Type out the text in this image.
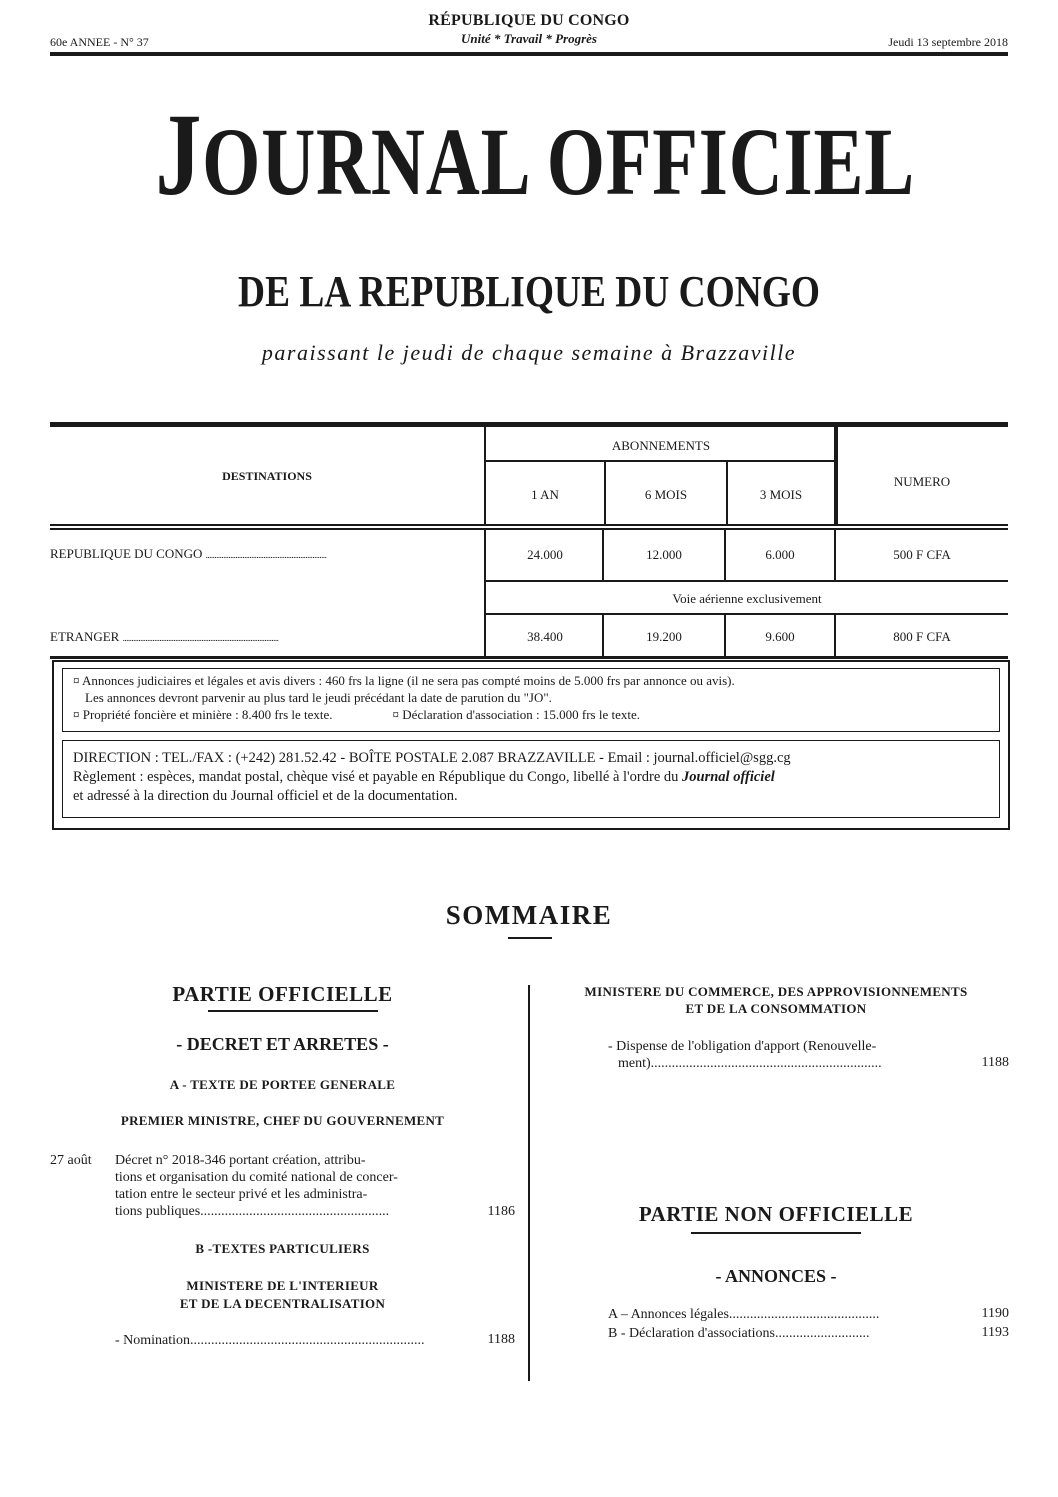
60e ANNEE - N° 37
RÉPUBLIQUE DU CONGO
Unité * Travail * Progrès	Jeudi 13 septembre 2018
JOURNAL OFFICIEL
DE LA REPUBLIQUE DU CONGO
paraissant le jeudi de chaque semaine à Brazzaville
DESTINATIONS
ABONNEMENTS
1 AN	6 MOIS	3 MOIS
NUMERO
REPUBLIQUE DU CONGO .....................................................................	24.000	12.000	6.000	500 F CFA
Voie aérienne exclusivement
ETRANGER .........................................................................................	38.400	19.200	9.600	800 F CFA
¤ Annonces judiciaires et légales et avis divers : 460 frs la ligne (il ne sera pas compté moins de 5.000 frs par annonce ou avis).
Les annonces devront parvenir au plus tard le jeudi précédant la date de parution du "JO".
¤ Propriété foncière et minière : 8.400 frs le texte.	¤ Déclaration d'association : 15.000 frs le texte.
DIRECTION : TEL./FAX : (+242) 281.52.42 - BOÎTE POSTALE 2.087 BRAZZAVILLE - Email : journal.officiel@sgg.cg
Règlement : espèces, mandat postal, chèque visé et payable en République du Congo, libellé à l'ordre du Journal officiel
et adressé à la direction du Journal officiel et de la documentation.
SOMMAIRE
PARTIE OFFICIELLE
- DECRET ET ARRETES -
A - TEXTE DE PORTEE GENERALE
PREMIER MINISTRE, CHEF DU GOUVERNEMENT
27 août Décret n° 2018-346 portant création, attribu-
tions et organisation du comité national de concer-
tation entre le secteur privé et les administra-
tions publiques......................................................	1186
B -TEXTES PARTICULIERS
MINISTERE DE L'INTERIEUR
ET DE LA DECENTRALISATION
- Nomination...................................................................	1188
MINISTERE DU COMMERCE, DES APPROVISIONNEMENTS
ET DE LA CONSOMMATION
- Dispense de l'obligation d'apport (Renouvelle-
ment)..................................................................	1188
PARTIE NON OFFICIELLE
- ANNONCES -
A – Annonces légales...........................................	1190
B - Déclaration d'associations...........................	1193
